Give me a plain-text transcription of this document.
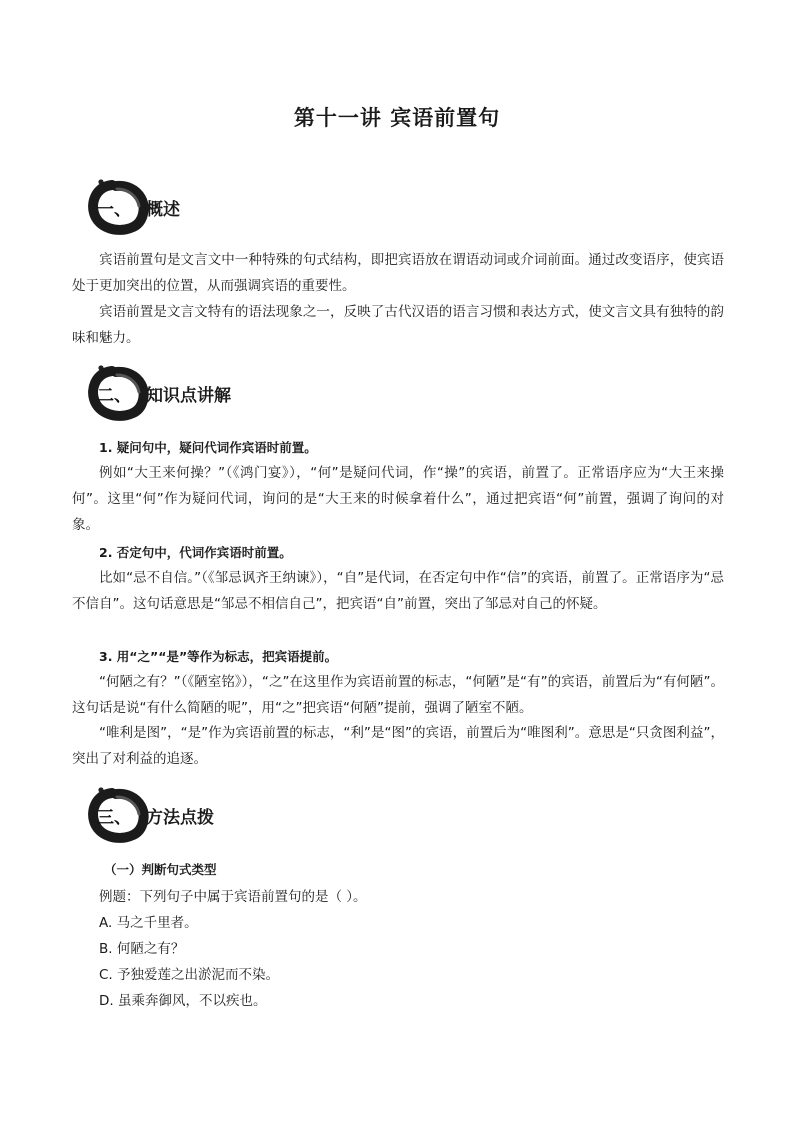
第十一讲 宾语前置句
一、 概述

宾语前置句是文言文中一种特殊的句式结构，即把宾语放在谓语动词或介词前面。通过改变语序，使宾语处于更加突出的位置，从而强调宾语的重要性。

宾语前置是文言文特有的语法现象之一，反映了古代汉语的语言习惯和表达方式，使文言文具有独特的韵味和魅力。

二、 知识点讲解

1. 疑问句中，疑问代词作宾语时前置。

例如“大王来何操？”（《鸿门宴》），“何”是疑问代词，作“操”的宾语，前置了。正常语序应为“大王来操何”。这里“何”作为疑问代词，询问的是“大王来的时候拿着什么”，通过把宾语“何”前置，强调了询问的对象。

2. 否定句中，代词作宾语时前置。

比如“忌不自信。”（《邹忌讽齐王纳谏》），“自”是代词，在否定句中作“信”的宾语，前置了。正常语序为“忌不信自”。这句话意思是“邹忌不相信自己”，把宾语“自”前置，突出了邹忌对自己的怀疑。

3. 用“之”“是”等作为标志，把宾语提前。

“何陋之有？”（《陋室铭》），“之”在这里作为宾语前置的标志，“何陋”是“有”的宾语，前置后为“有何陋”。这句话是说“有什么简陋的呢”，用“之”把宾语“何陋”提前，强调了陋室不陋。

“唯利是图”，“是”作为宾语前置的标志，“利”是“图”的宾语，前置后为“唯图利”。意思是“只贪图利益”，突出了对利益的追逐。

三、 方法点拨

（一）判断句式类型

例题：下列句子中属于宾语前置句的是（ ）。

A. 马之千里者。

B. 何陋之有？

C. 予独爱莲之出淤泥而不染。

D. 虽乘奔御风，不以疾也。
